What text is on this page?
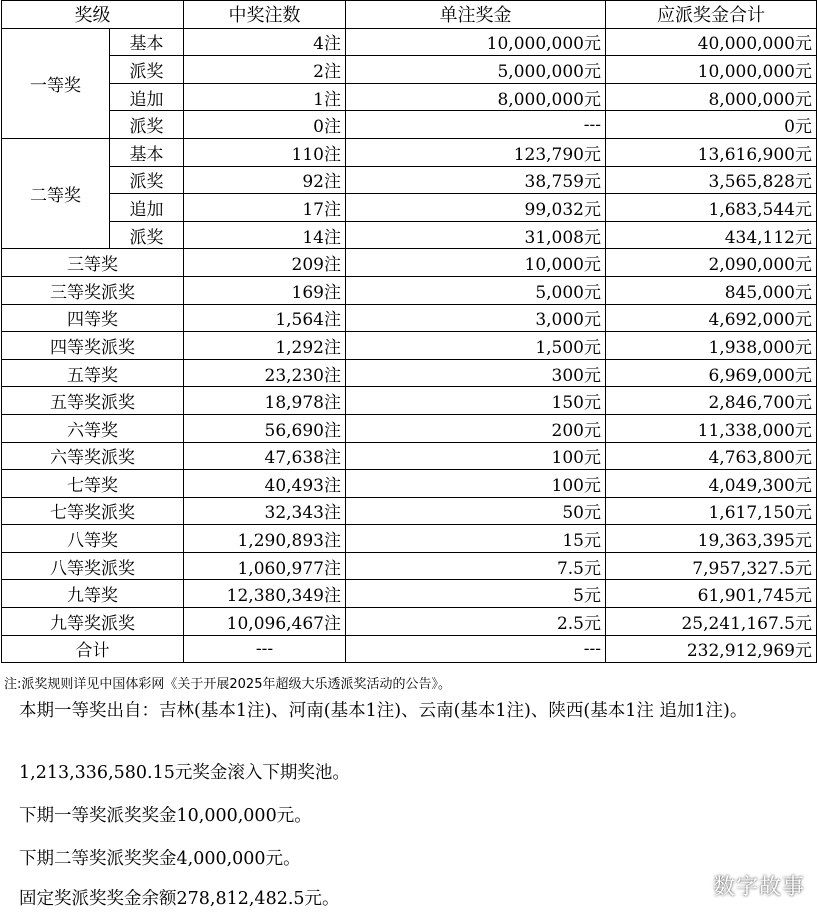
奖级		中奖注数	单注奖金	应派奖金合计
一等奖	基本	4注	10,000,000元	40,000,000元
	派奖	2注	5,000,000元	10,000,000元
	追加	1注	8,000,000元	8,000,000元
	派奖	0注	---	0元
二等奖	基本	110注	123,790元	13,616,900元
	派奖	92注	38,759元	3,565,828元
	追加	17注	99,032元	1,683,544元
	派奖	14注	31,008元	434,112元
三等奖		209注	10,000元	2,090,000元
三等奖派奖		169注	5,000元	845,000元
四等奖		1,564注	3,000元	4,692,000元
四等奖派奖		1,292注	1,500元	1,938,000元
五等奖		23,230注	300元	6,969,000元
五等奖派奖		18,978注	150元	2,846,700元
六等奖		56,690注	200元	11,338,000元
六等奖派奖		47,638注	100元	4,763,800元
七等奖		40,493注	100元	4,049,300元
七等奖派奖		32,343注	50元	1,617,150元
八等奖		1,290,893注	15元	19,363,395元
八等奖派奖		1,060,977注	7.5元	7,957,327.5元
九等奖		12,380,349注	5元	61,901,745元
九等奖派奖		10,096,467注	2.5元	25,241,167.5元
合计		---	---	232,912,969元
注:派奖规则详见中国体彩网《关于开展2025年超级大乐透派奖活动的公告》。
本期一等奖出自：吉林(基本1注)、河南(基本1注)、云南(基本1注)、陕西(基本1注 追加1注)。
1,213,336,580.15元奖金滚入下期奖池。
下期一等奖派奖奖金10,000,000元。
下期二等奖派奖奖金4,000,000元。
固定奖派奖奖金余额278,812,482.5元。	数字故事
